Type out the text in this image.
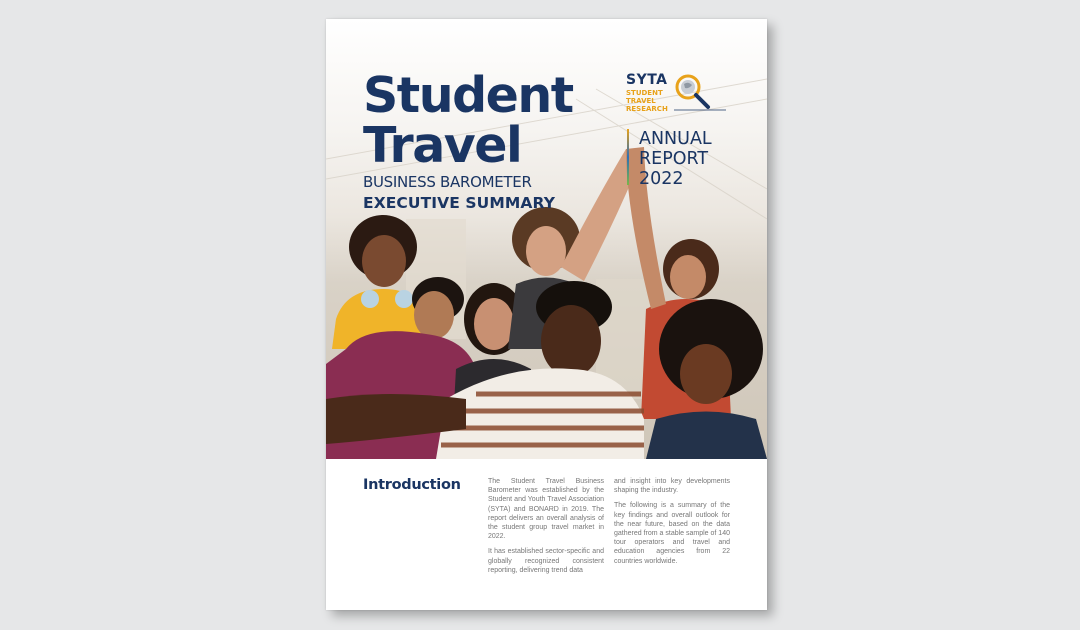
Student
Travel
BUSINESS BAROMETER
EXECUTIVE SUMMARY
SYTA
STUDENT
TRAVEL
RESEARCH
ANNUAL
REPORT
2022
Introduction	The Student Travel Business Barometer was established by the Student and Youth Travel Association (SYTA) and BONARD in 2019. The report delivers an overall analysis of the student group travel market in 2022.

It has established sector-specific and globally recognized consistent reporting, delivering trend data

and insight into key developments shaping the industry.

The following is a summary of the key findings and overall outlook for the near future, based on the data gathered from a stable sample of 140 tour operators and travel and education agencies from 22 countries worldwide.
